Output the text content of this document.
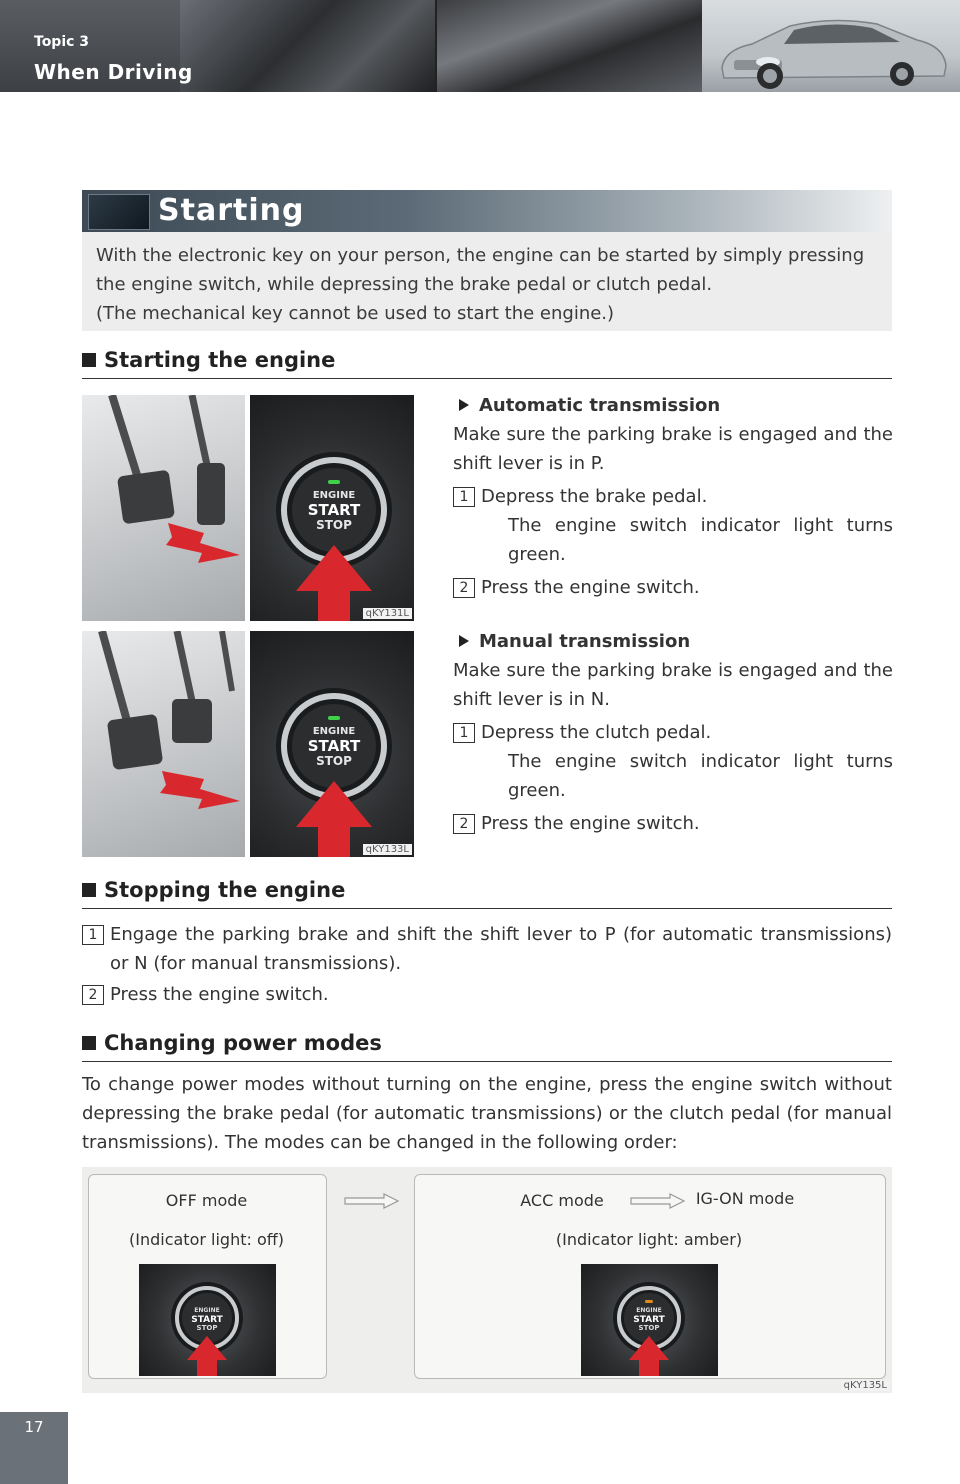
Topic 3
When Driving
Starting

With the electronic key on your person, the engine can be started by simply pressing the engine switch, while depressing the brake pedal or clutch pedal.
(The mechanical key cannot be used to start the engine.)

Starting the engine
ENGINE
START
STOP
qKY131L
Automatic transmission
Make sure the parking brake is engaged and the shift lever is in P.
1 Depress the brake pedal.
The engine switch indicator light turns green.
2 Press the engine switch.
ENGINE
START
STOP
qKY133L
Manual transmission
Make sure the parking brake is engaged and the shift lever is in N.
1 Depress the clutch pedal.
The engine switch indicator light turns green.
2 Press the engine switch.
Stopping the engine
1 Engage the parking brake and shift the shift lever to P (for automatic transmissions) or N (for manual transmissions).
2 Press the engine switch.
Changing power modes
To change power modes without turning on the engine, press the engine switch without depressing the brake pedal (for automatic transmissions) or the clutch pedal (for manual transmissions). The modes can be changed in the following order:
OFF mode
(Indicator light: off)
ACC mode	IG-ON mode
(Indicator light: amber)
ENGINE
START
STOP
ENGINE
START
STOP
qKY135L
17
